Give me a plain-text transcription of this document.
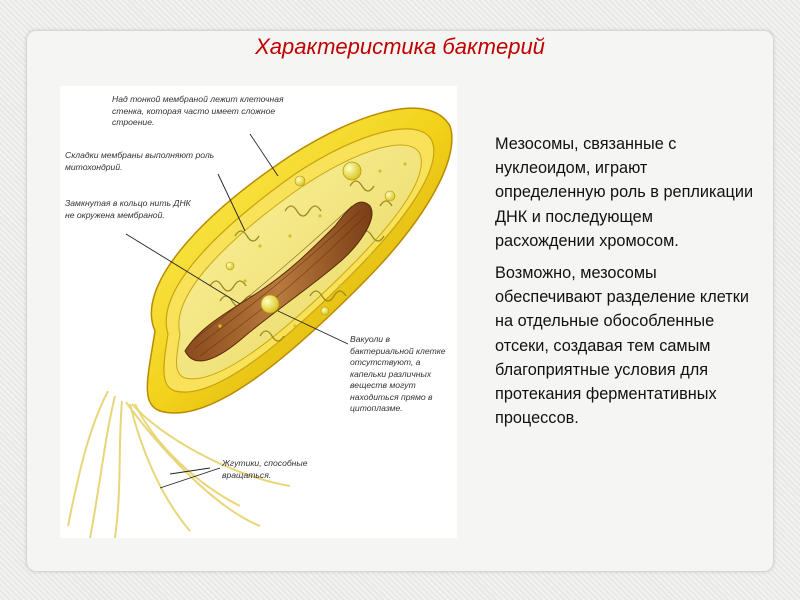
Характеристика бактерий
Над тонкой мембраной лежит клеточная стенка, которая часто имеет сложное строение.
Складки мембраны выполняют роль митохондрий.
Замкнутая в кольцо нить ДНК не окружена мембраной.
Вакуоли в бактериальной клетке отсутствуют, а капельки различных веществ могут находиться прямо в цитоплазме.
Жгутики, способные вращаться.

Мезосомы, связанные с нуклеоидом, играют определенную роль в репликации ДНК и последующем расхождении хромосом.

Возможно, мезосомы обеспечивают разделение клетки на отдельные обособленные отсеки, создавая тем самым благоприятные условия для протекания ферментативных процессов.
